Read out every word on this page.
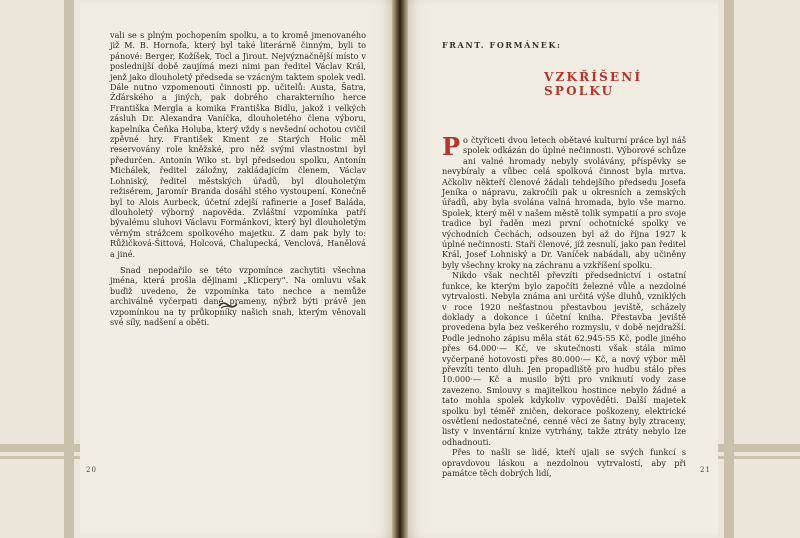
vali se s plným pochopením spolku, a to kromě jmenovaného již M. B. Hornofa, který byl také literárně činným, byli to pánové: Berger, Kožíšek, Tocl a Jirout. Nejvýznačnější místo v posledníjší době zaujímá mezi nimi pan ředitel Václav Král, jenž jako dlouholetý předseda se vzácným taktem spolek vedl. Dále nutno vzpomenouti činnosti pp. učitelů: Austa, Šatra, Žďárského a jiných, pak dobrého charakterního herce Františka Mergla a komika Františka Bidlu, jakož i velkých zásluh Dr. Alexandra Vaníčka, dlouholetého člena výboru, kapelníka Čeňka Holuba, který vždy s nevšední ochotou cvičil zpěvné hry. František Kment ze Starých Holic měl reservovány role kněžské, pro něž svými vlastnostmi byl předurčen. Antonín Wiko st. byl předsedou spolku, Antonín Michálek, ředitel záložny, zakládajícím členem, Václav Lohniský, ředitel městských úřadů, byl dlouholetým režisérem, Jaromír Branda dosáhl stého vystoupení. Konečně byl to Alois Aurbeck, účetní zdejší rafinerie a Josef Baláda, dlouholetý výborný napověda. Zvláštní vzpomínka patří bývalému sluhovi Václavu Formánkovi, který byl dlouholetým věrným strážcem spolkového majetku. Z dam pak byly to: Růžičková-Šittová, Holcová, Chalupecká, Venclová, Hanělová a jiné.

Snad nepodařilo se této vzpomínce zachytiti všechna jména, která prošla dějinami „Klicpery“. Na omluvu však buďiž uvedeno, že vzpomínka tato nechce a nemůže archiválně vyčerpati dané prameny, nýbrž býti právě jen vzpomínkou na ty průkopníky našich snah, kterým věnovali své síly, nadšení a oběti.

FRANT. FORMÁNEK:
VZKŘÍŠENÍ SPOLKU

Po čtyřiceti dvou letech obětavé kulturní práce byl náš spolek odkázán do úplné nečinnosti. Výborové schůze ani valné hromady nebyly svolávány, příspěvky se nevybíraly a vůbec celá spolková činnost byla mrtva. Ačkoliv někteří členové žádali tehdejšího předsedu Josefa Jeníka o nápravu, zakročili pak u okresních a zemských úřadů, aby byla svolána valná hromada, bylo vše marno. Spolek, který měl v našem městě tolik sympatií a pro svoje tradice byl řaděn mezi první ochotnické spolky ve východních Čechách, odsouzen byl až do října 1927 k úplné nečinnosti. Staří členové, jíž zesnulí, jako pan ředitel Král, Josef Lohniský a Dr. Vaníček nabádali, aby učiněny byly všechny kroky na záchranu a vzkříšení spolku.

Nikdo však nechtěl převzíti předsednictví i ostatní funkce, ke kterým bylo započíti železné vůle a nezdolné vytrvalosti. Nebyla známa ani určitá výše dluhů, vzniklých v roce 1920 nešťastnou přestavbou jeviště, scházely doklady a dokonce i účetní kniha. Přestavba jeviště provedena byla bez veškerého rozmyslu, v době nejdražší. Podle jednoho zápisu měla stát 62.945·55 Kč, podle jiného přes 64.000·— Kč, ve skutečnosti však stála mimo vyčerpané hotovosti přes 80.000·— Kč, a nový výbor měl převzíti tento dluh. Jen propadliště pro hudbu stálo přes 10.000·— Kč a musilo býti pro vniknutí vody zase zavezeno. Smlouvy s majitelkou hostince nebylo žádné a tato mohla spolek kdykoliv vypověděti. Další majetek spolku byl téměř zničen, dekorace poškozeny, elektrické osvětlení nedostatečné, cenné věci ze šatny byly ztraceny, listy v inventární knize vytrhány, takže ztráty nebylo lze odhadnouti.

Přes to našli se lidé, kteří ujali se svých funkcí s opravdovou láskou a nezdolnou vytrvalostí, aby při památce těch dobrých lidí,

20	21
